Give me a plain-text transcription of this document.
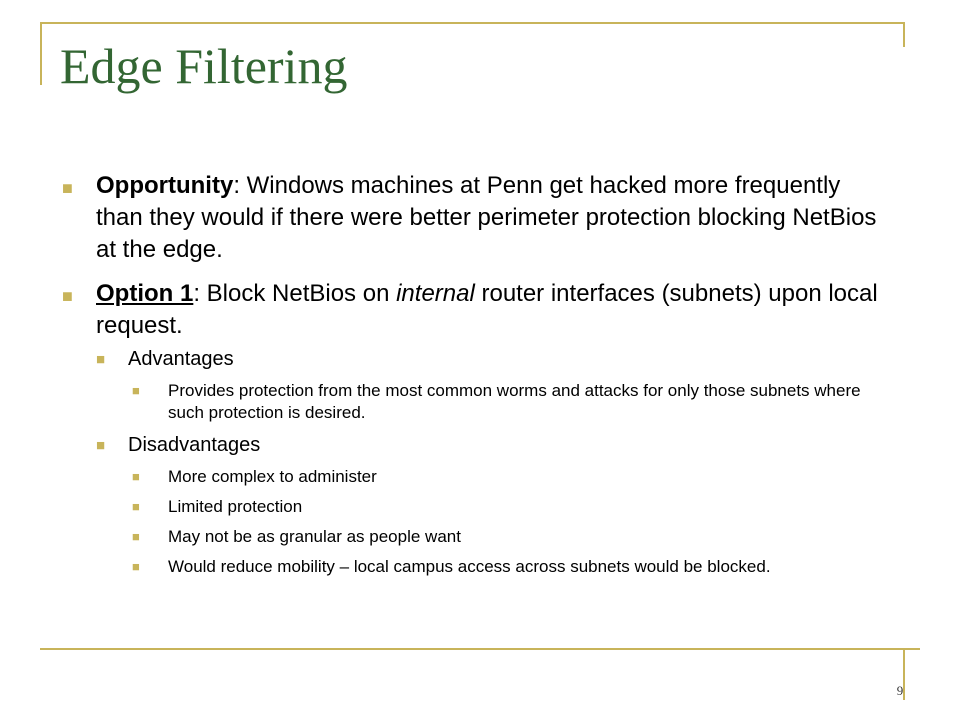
Edge Filtering
■ Opportunity: Windows machines at Penn get hacked more frequently than they would if there were better perimeter protection blocking NetBios at the edge.
■ Option 1: Block NetBios on internal router interfaces (subnets) upon local request.
■ Advantages
■ Provides protection from the most common worms and attacks for only those subnets where such protection is desired.
■ Disadvantages
■ More complex to administer
■ Limited protection
■ May not be as granular as people want
■ Would reduce mobility – local campus access across subnets would be blocked.
9
